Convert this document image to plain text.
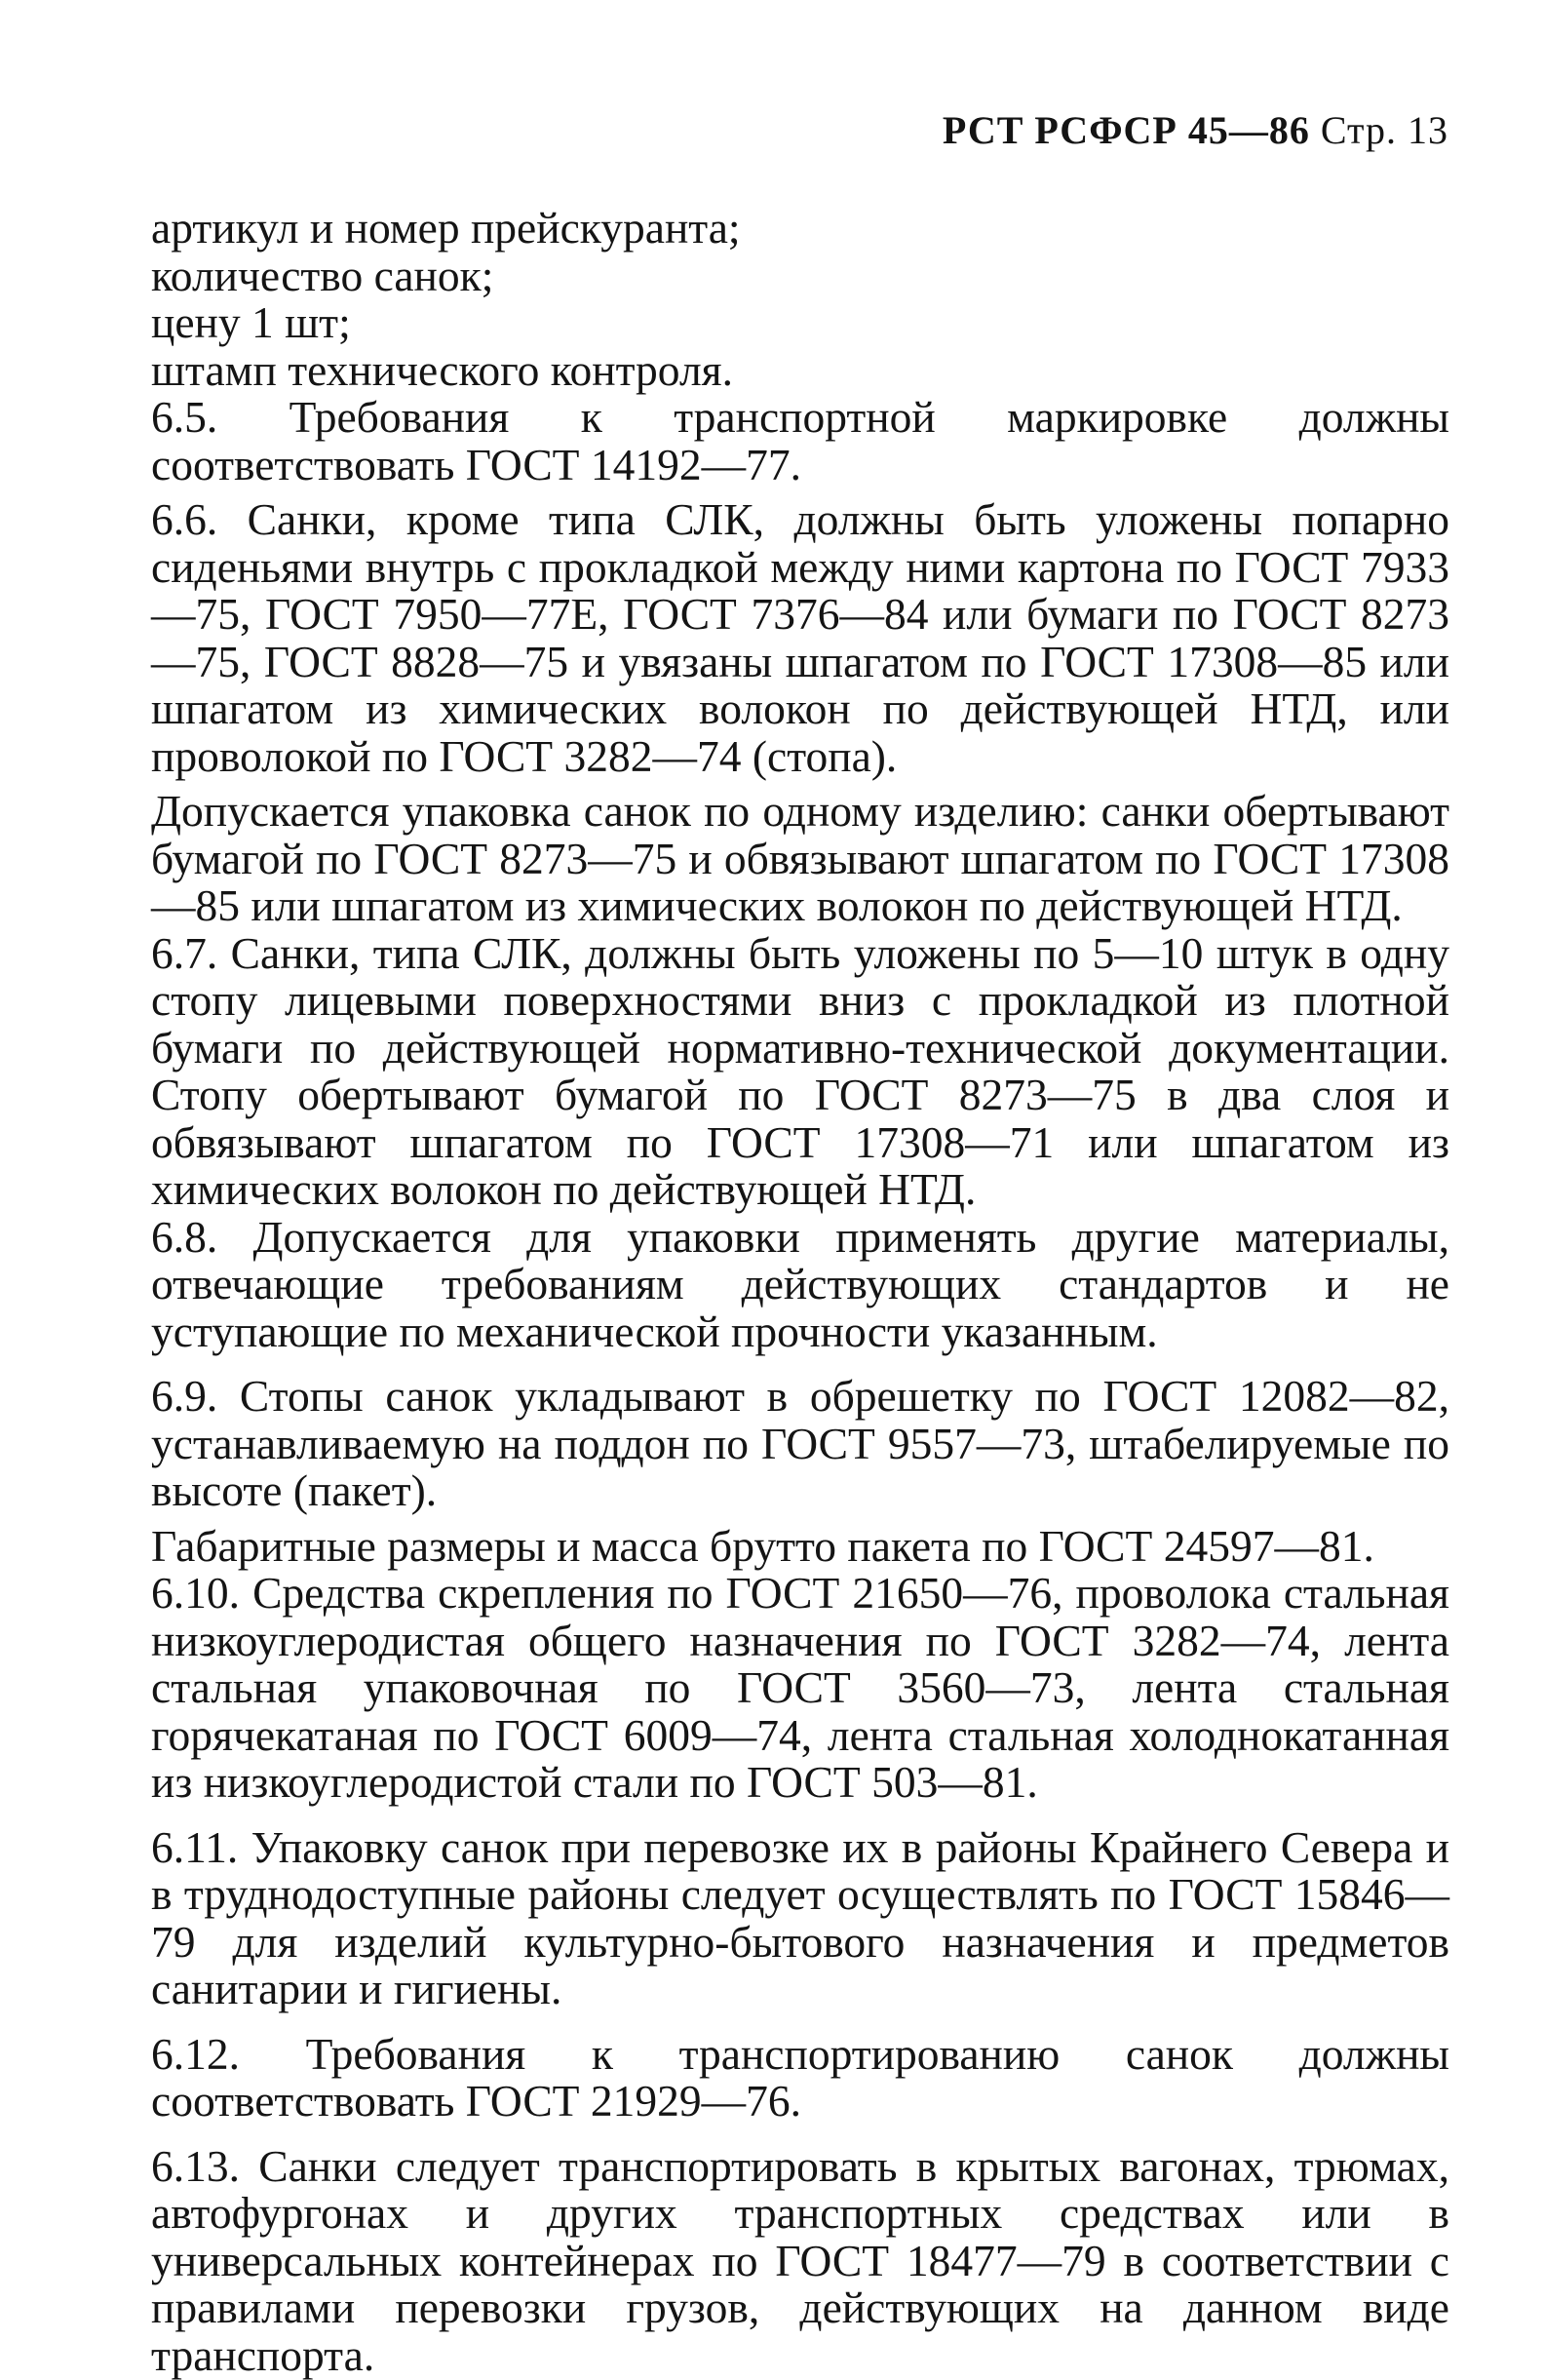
РСТ РСФСР 45—86 Стр. 13
артикул и номер прейскуранта;
количество санок;
цену 1 шт;
штамп технического контроля.

6.5. Требования к транспортной маркировке должны соответствовать ГОСТ 14192—77.

6.6. Санки, кроме типа СЛК, должны быть уложены попарно сиденьями внутрь с прокладкой между ними картона по ГОСТ 7933—75, ГОСТ 7950—77Е, ГОСТ 7376—84 или бумаги по ГОСТ 8273—75, ГОСТ 8828—75 и увязаны шпагатом по ГОСТ 17308—85 или шпагатом из химических волокон по действующей НТД, или проволокой по ГОСТ 3282—74 (стопа).

Допускается упаковка санок по одному изделию: санки обертывают бумагой по ГОСТ 8273—75 и обвязывают шпагатом по ГОСТ 17308—85 или шпагатом из химических волокон по действующей НТД.

6.7. Санки, типа СЛК, должны быть уложены по 5—10 штук в одну стопу лицевыми поверхностями вниз с прокладкой из плотной бумаги по действующей нормативно-технической документации. Стопу обертывают бумагой по ГОСТ 8273—75 в два слоя и обвязывают шпагатом по ГОСТ 17308—71 или шпагатом из химических волокон по действующей НТД.

6.8. Допускается для упаковки применять другие материалы, отвечающие требованиям действующих стандартов и не уступающие по механической прочности указанным.

6.9. Стопы санок укладывают в обрешетку по ГОСТ 12082—82, устанавливаемую на поддон по ГОСТ 9557—73, штабелируемые по высоте (пакет).

Габаритные размеры и масса брутто пакета по ГОСТ 24597—81.

6.10. Средства скрепления по ГОСТ 21650—76, проволока стальная низкоуглеродистая общего назначения по ГОСТ 3282—74, лента стальная упаковочная по ГОСТ 3560—73, лента стальная горячекатаная по ГОСТ 6009—74, лента стальная холоднокатанная из низкоуглеродистой стали по ГОСТ 503—81.

6.11. Упаковку санок при перевозке их в районы Крайнего Севера и в труднодоступные районы следует осуществлять по ГОСТ 15846—79 для изделий культурно-бытового назначения и предметов санитарии и гигиены.

6.12. Требования к транспортированию санок должны соответствовать ГОСТ 21929—76.

6.13. Санки следует транспортировать в крытых вагонах, трюмах, автофургонах и других транспортных средствах или в универсальных контейнерах по ГОСТ 18477—79 в соответствии с правилами перевозки грузов, действующих на данном виде транспорта.
